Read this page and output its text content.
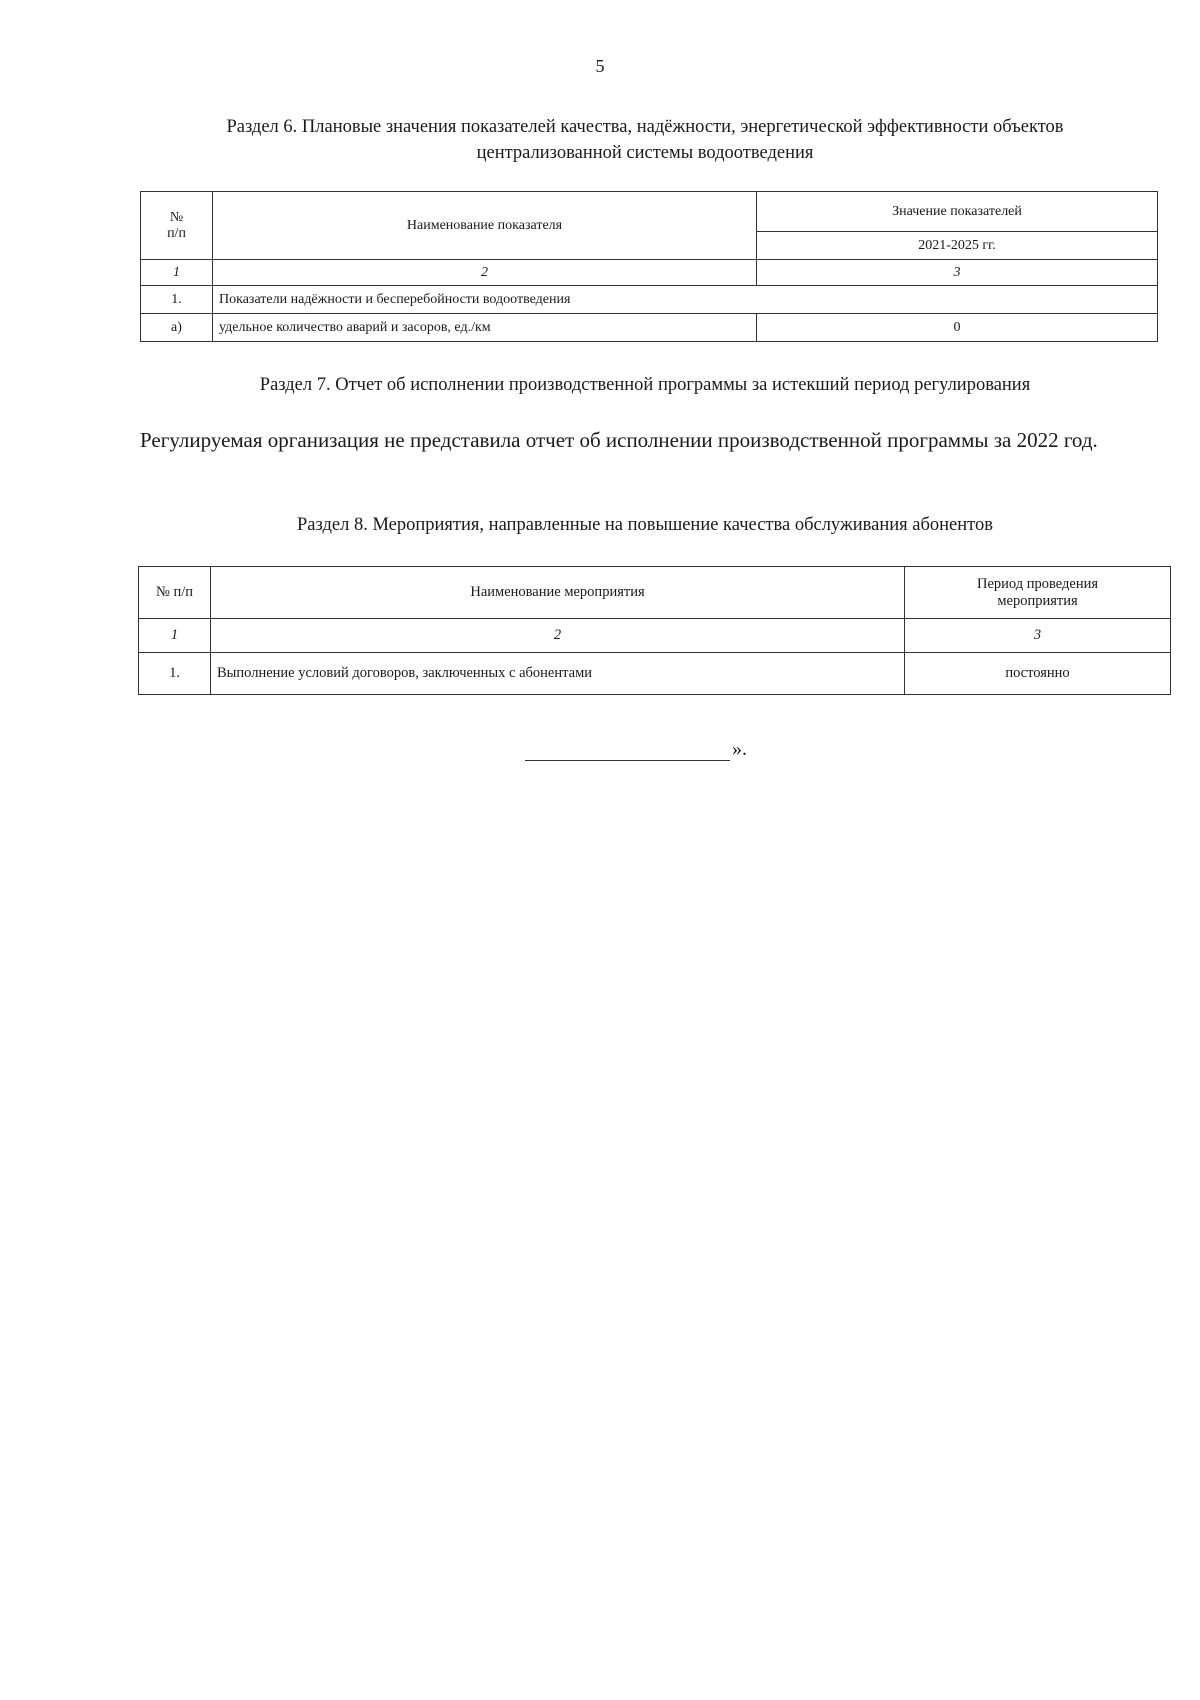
5
Раздел 6. Плановые значения показателей качества, надёжности, энергетической эффективности объектов
централизованной системы водоотведения
№
п/п	Наименование показателя	Значение показателей
		2021-2025 гг.
1	2	3
1.	Показатели надёжности и бесперебойности водоотведения	
а)	удельное количество аварий и засоров, ед./км	0
Раздел 7. Отчет об исполнении производственной программы за истекший период регулирования
Регулируемая организация не представила отчет об исполнении производственной программы за 2022 год.
Раздел 8. Мероприятия, направленные на повышение качества обслуживания абонентов
№ п/п	Наименование мероприятия	Период проведения
мероприятия

1	2	3
1.	Выполнение условий договоров, заключенных с абонентами	постоянно
».
